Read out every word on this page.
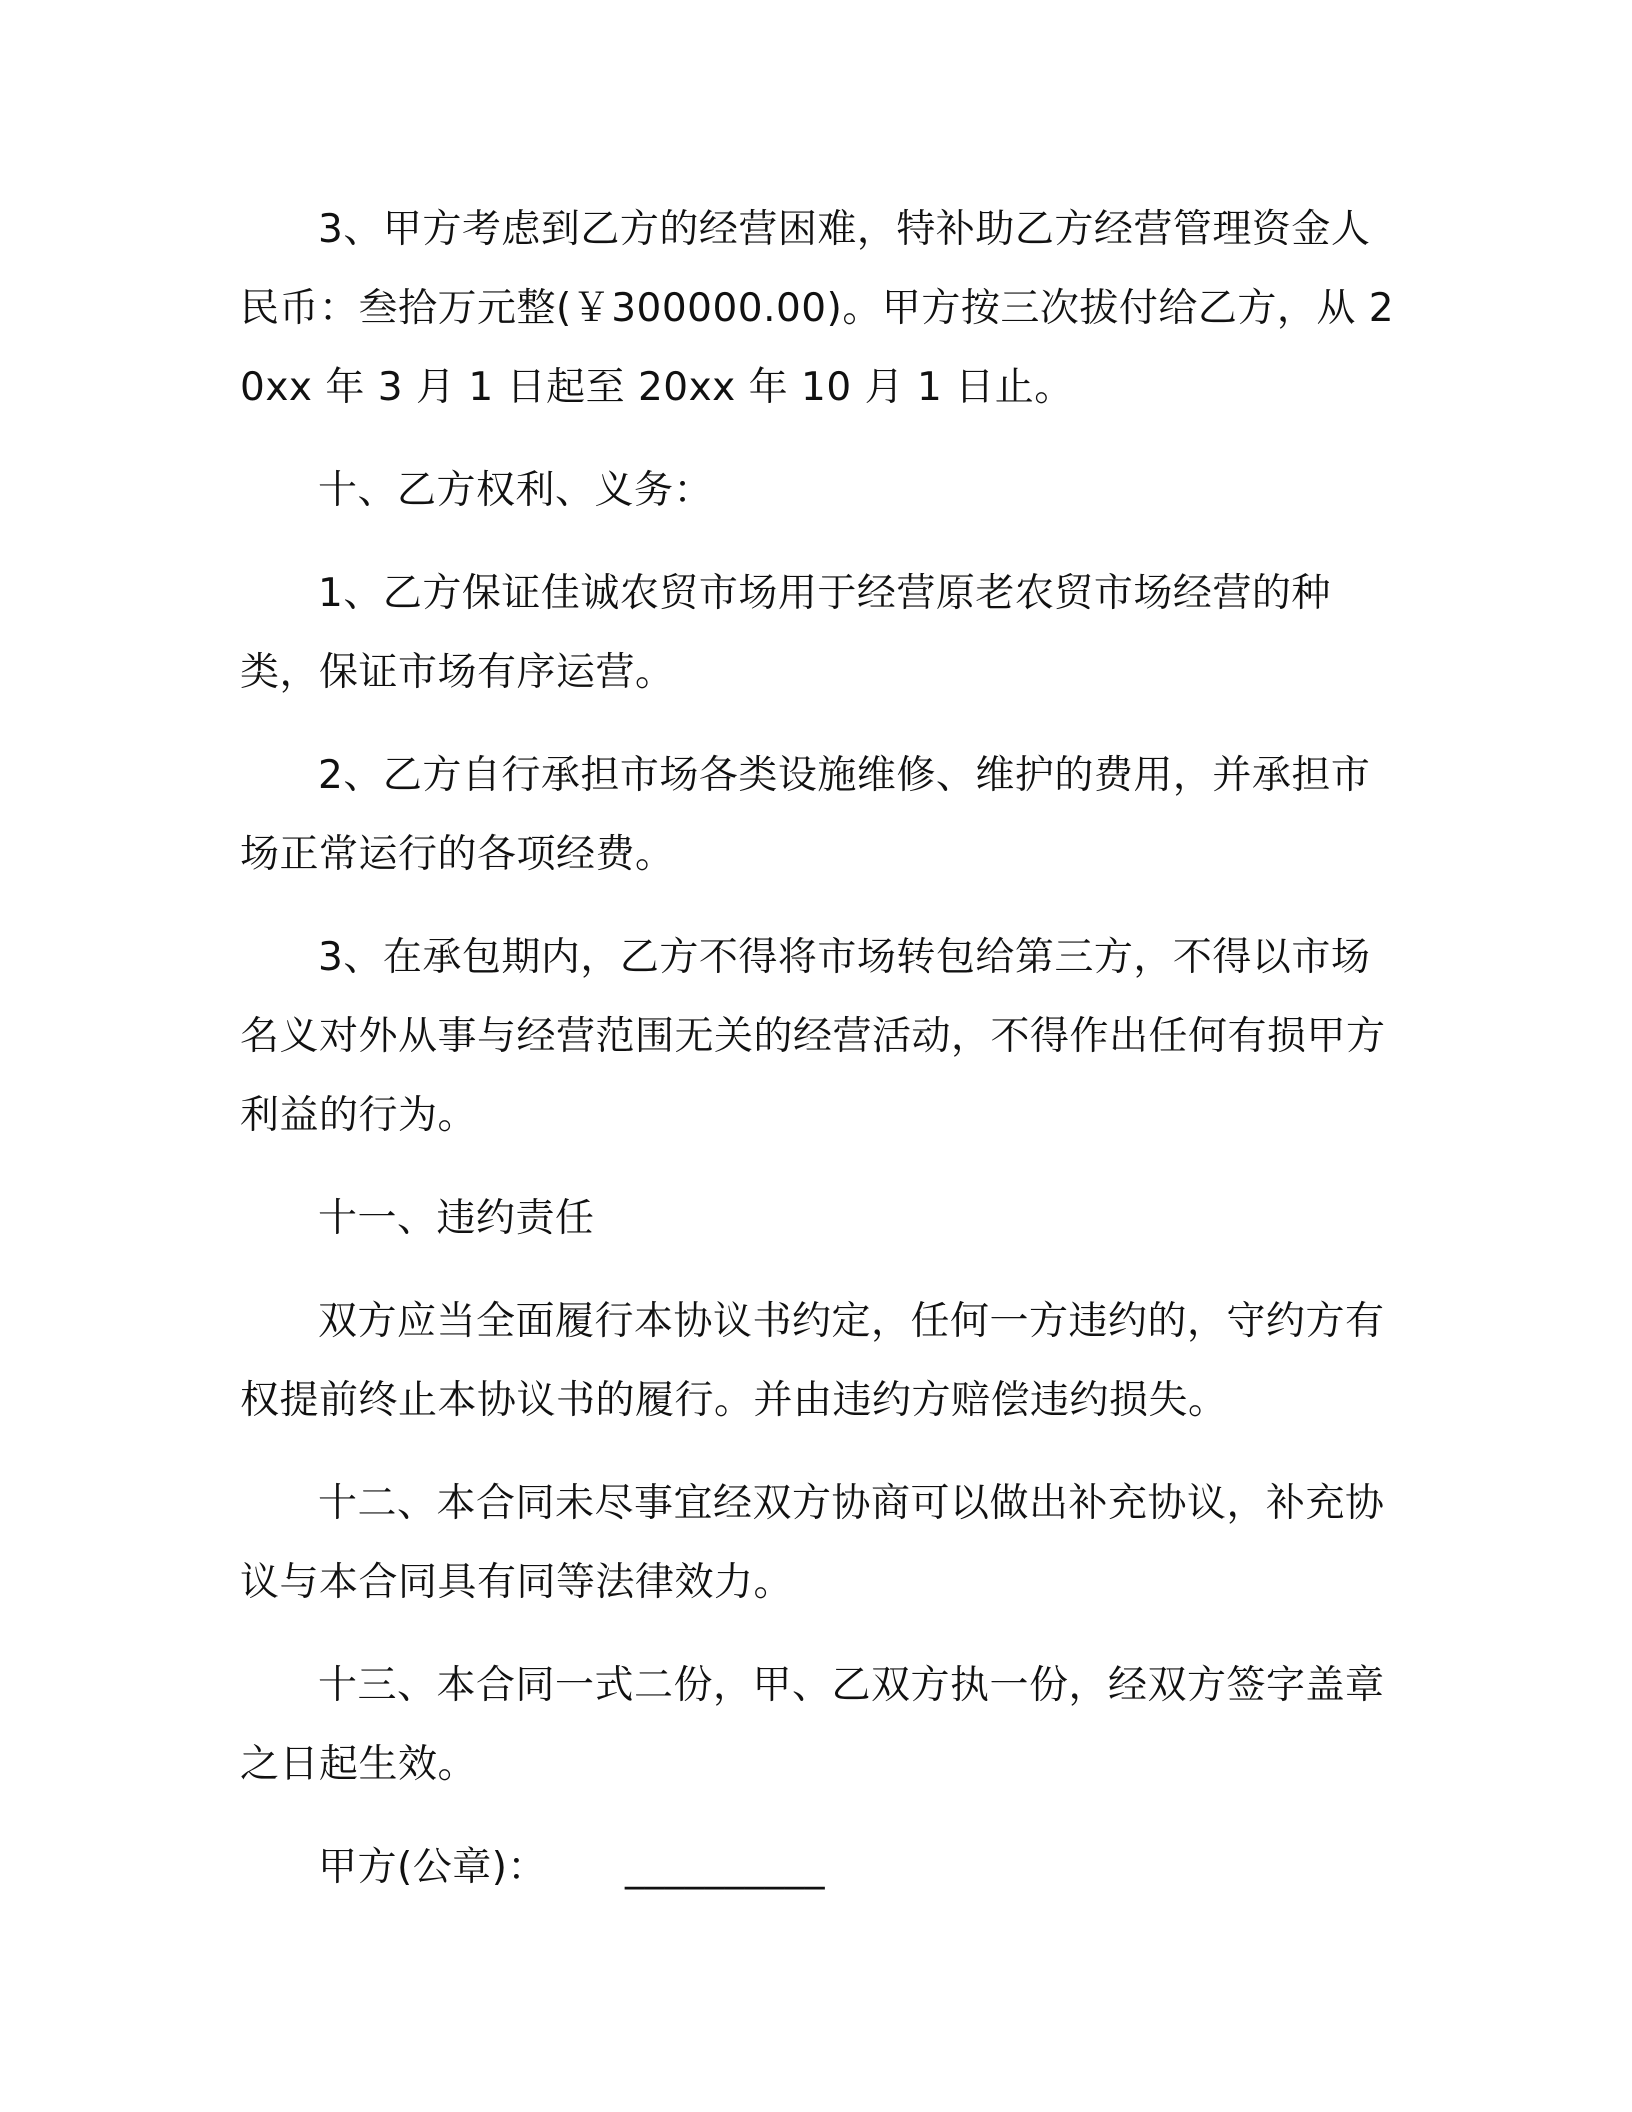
3、甲方考虑到乙方的经营困难，特补助乙方经营管理资金人民币：叁拾万元整(￥300000.00)。甲方按三次拔付给乙方，从 20xx 年 3 月 1 日起至 20xx 年 10 月 1 日止。

十、乙方权利、义务：

1、乙方保证佳诚农贸市场用于经营原老农贸市场经营的种类，保证市场有序运营。

2、乙方自行承担市场各类设施维修、维护的费用，并承担市场正常运行的各项经费。

3、在承包期内，乙方不得将市场转包给第三方，不得以市场名义对外从事与经营范围无关的经营活动，不得作出任何有损甲方利益的行为。

十一、违约责任

双方应当全面履行本协议书约定，任何一方违约的，守约方有权提前终止本协议书的履行。并由违约方赔偿违约损失。

十二、本合同未尽事宜经双方协商可以做出补充协议，补充协议与本合同具有同等法律效力。

十三、本合同一式二份，甲、乙双方执一份，经双方签字盖章之日起生效。

甲方(公章)： __________
